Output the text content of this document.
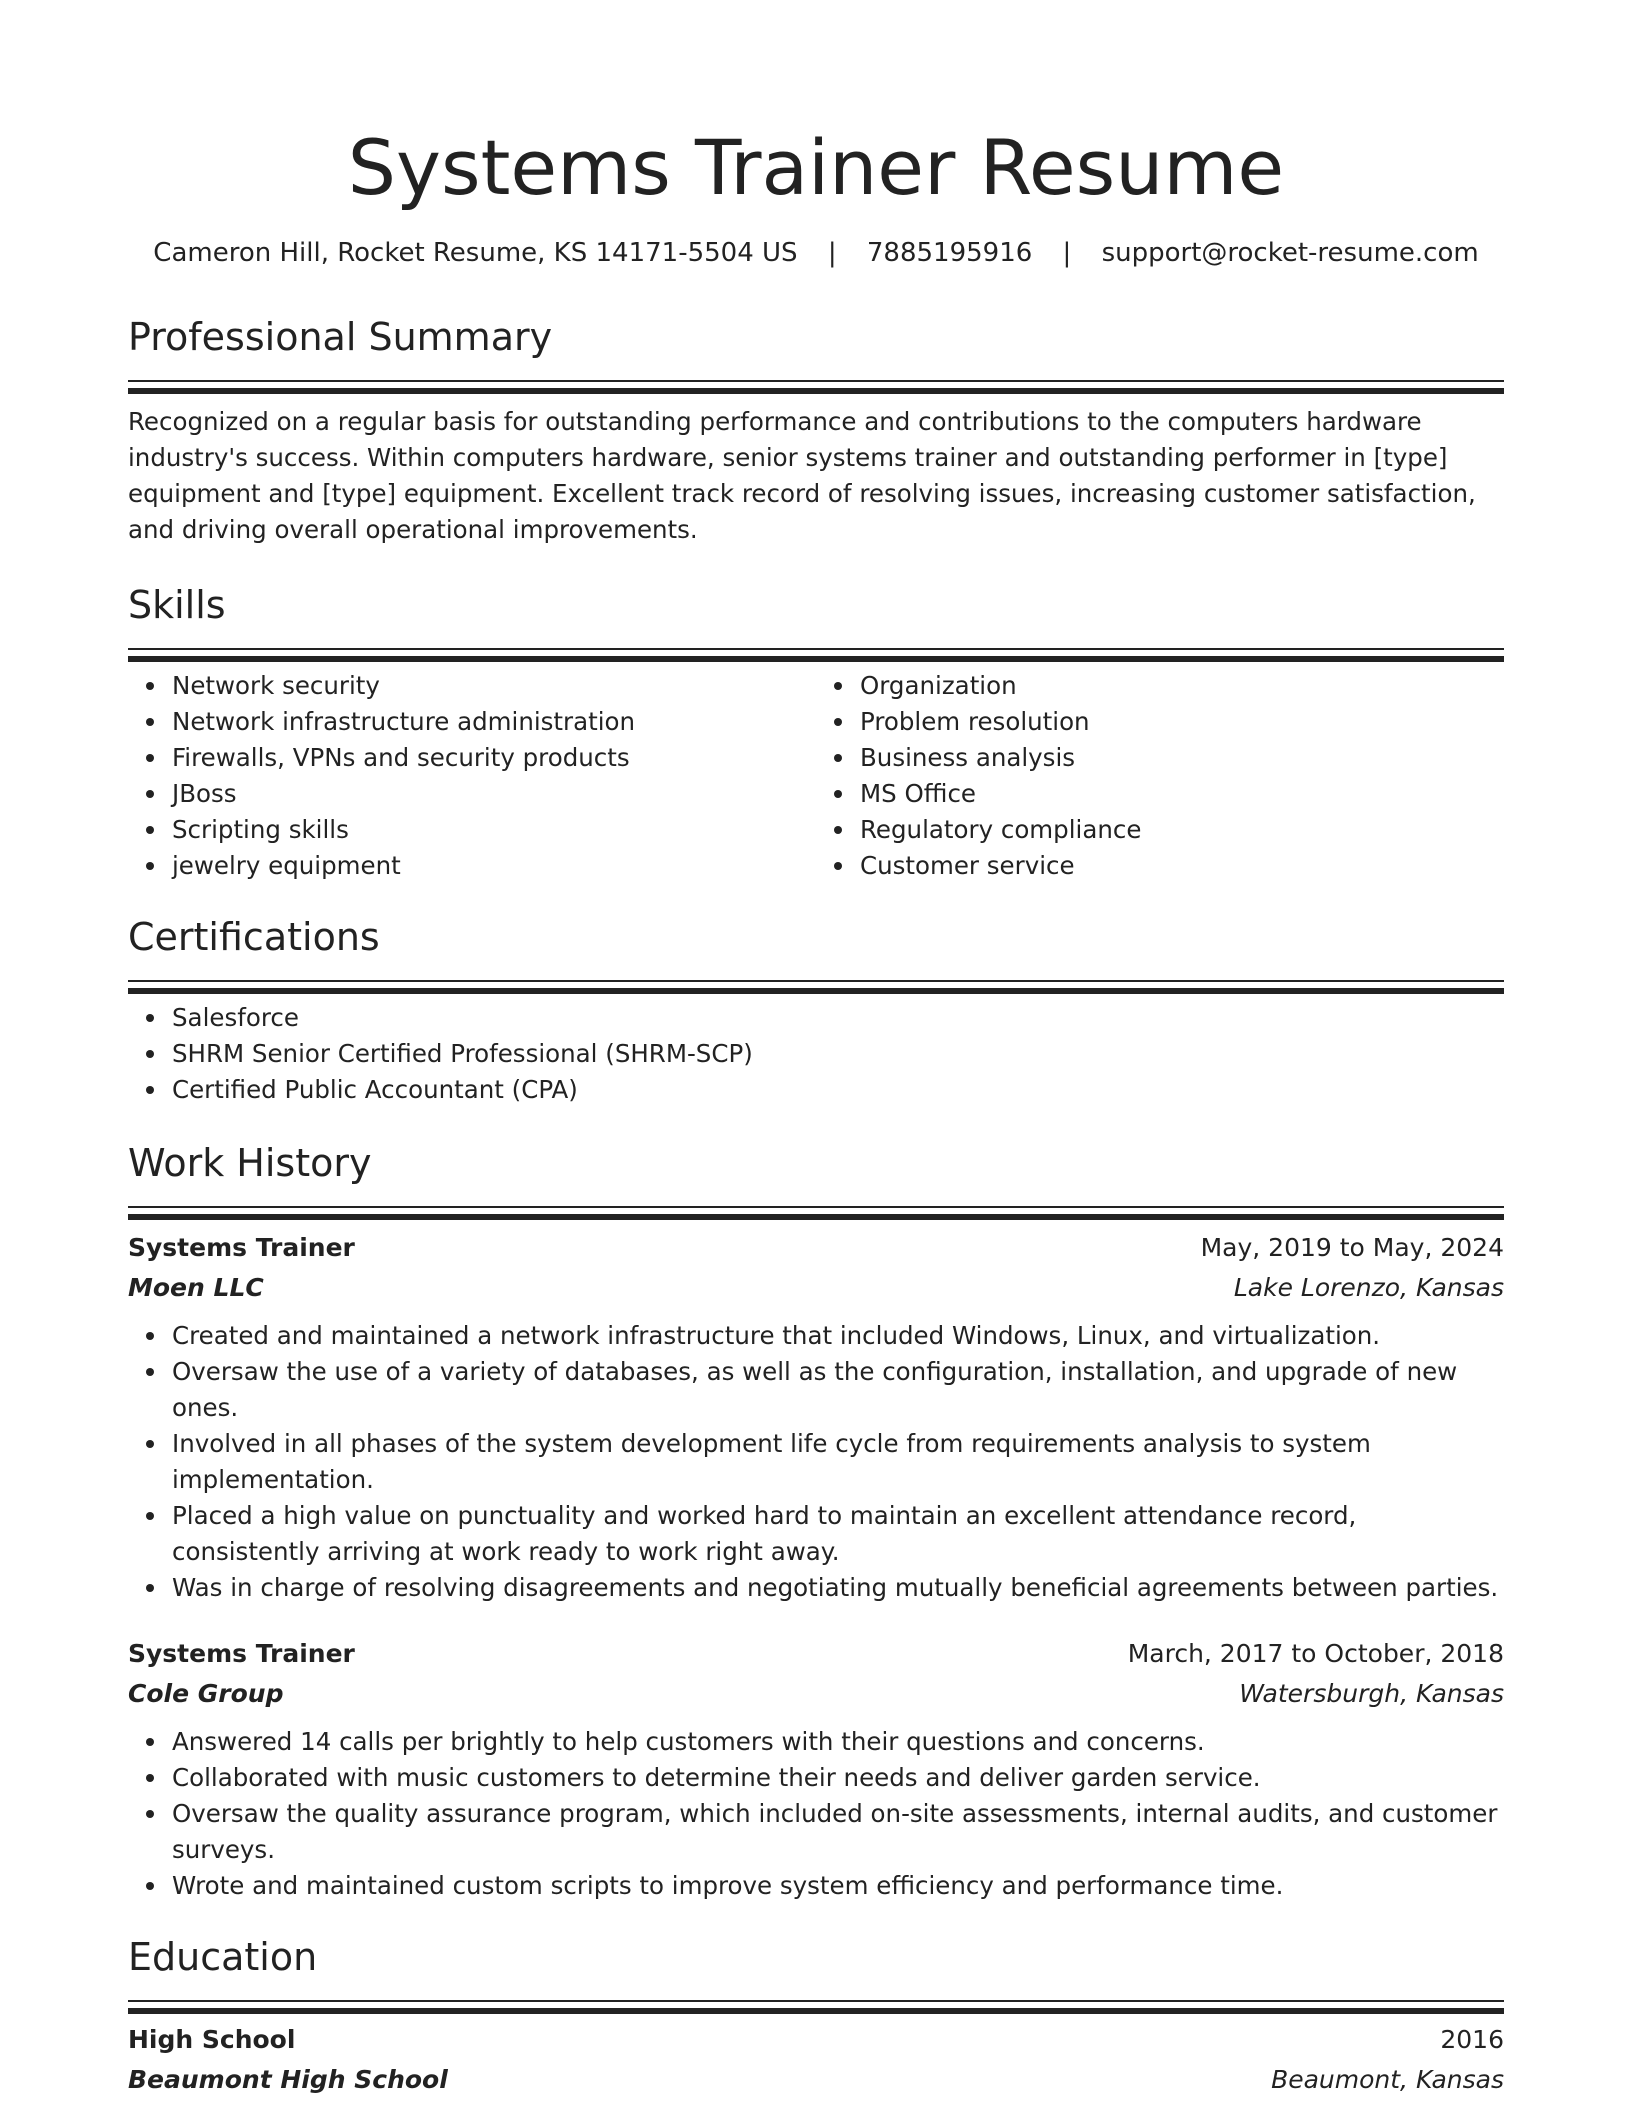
Systems Trainer Resume
Cameron Hill, Rocket Resume, KS 14171-5504 US | 7885195916 | support@rocket-resume.com
Professional Summary

Recognized on a regular basis for outstanding performance and contributions to the computers hardware industry's success. Within computers hardware, senior systems trainer and outstanding performer in [type] equipment and [type] equipment. Excellent track record of resolving issues, increasing customer satisfaction, and driving overall operational improvements.

Skills
Network security
Network infrastructure administration
Firewalls, VPNs and security products
JBoss
Scripting skills
jewelry equipment
Organization
Problem resolution
Business analysis
MS Office
Regulatory compliance
Customer service
Certifications
Salesforce
SHRM Senior Certified Professional (SHRM-SCP)
Certified Public Accountant (CPA)
Work History
Systems Trainer	May, 2019 to May, 2024
Moen LLC	Lake Lorenzo, Kansas
Created and maintained a network infrastructure that included Windows, Linux, and virtualization.
Oversaw the use of a variety of databases, as well as the configuration, installation, and upgrade of new ones.
Involved in all phases of the system development life cycle from requirements analysis to system implementation.
Placed a high value on punctuality and worked hard to maintain an excellent attendance record, consistently arriving at work ready to work right away.
Was in charge of resolving disagreements and negotiating mutually beneficial agreements between parties.
Systems Trainer	March, 2017 to October, 2018
Cole Group	Watersburgh, Kansas
Answered 14 calls per brightly to help customers with their questions and concerns.
Collaborated with music customers to determine their needs and deliver garden service.
Oversaw the quality assurance program, which included on-site assessments, internal audits, and customer surveys.
Wrote and maintained custom scripts to improve system efficiency and performance time.
Education
High School	2016
Beaumont High School	Beaumont, Kansas
